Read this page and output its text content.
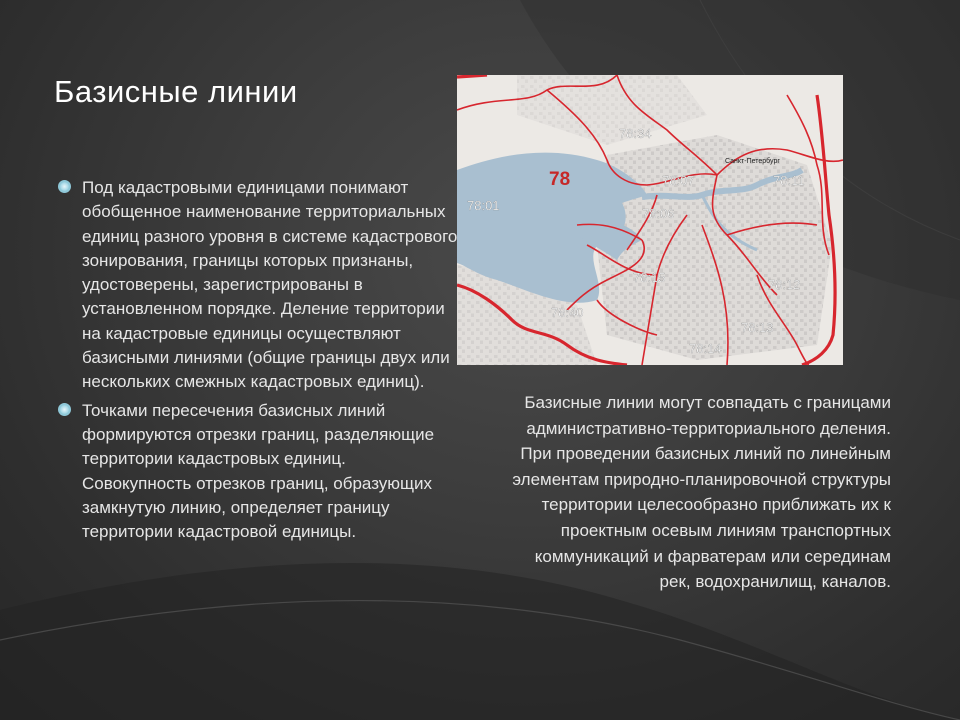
Базисные линии
Под кадастровыми единицами понимают обобщенное наименование территориальных единиц разного уровня в системе кадастрового зонирования, границы которых признаны, удостоверены, зарегистрированы в установленном порядке. Деление территории на кадастровые единицы осуществляют базисными линиями (общие границы двух или нескольких смежных кадастровых единиц).
Точками пересечения базисных линий формируются отрезки границ, разделяющие территории кадастровых единиц. Совокупность отрезков границ, образующих замкнутую линию, определяет границу территории кадастровой единицы.
78
Санкт-Петербург
78:34
78:07	78:11
78:01
78:06
78:15	78:12
78:40
78:13
78:14

Базисные линии могут совпадать с границами административно-территориального деления. При проведении базисных линий по линейным элементам природно-планировочной структуры территории целесообразно приближать их к проектным осевым линиям транспортных коммуникаций и фарватерам или серединам рек, водохранилищ, каналов.
